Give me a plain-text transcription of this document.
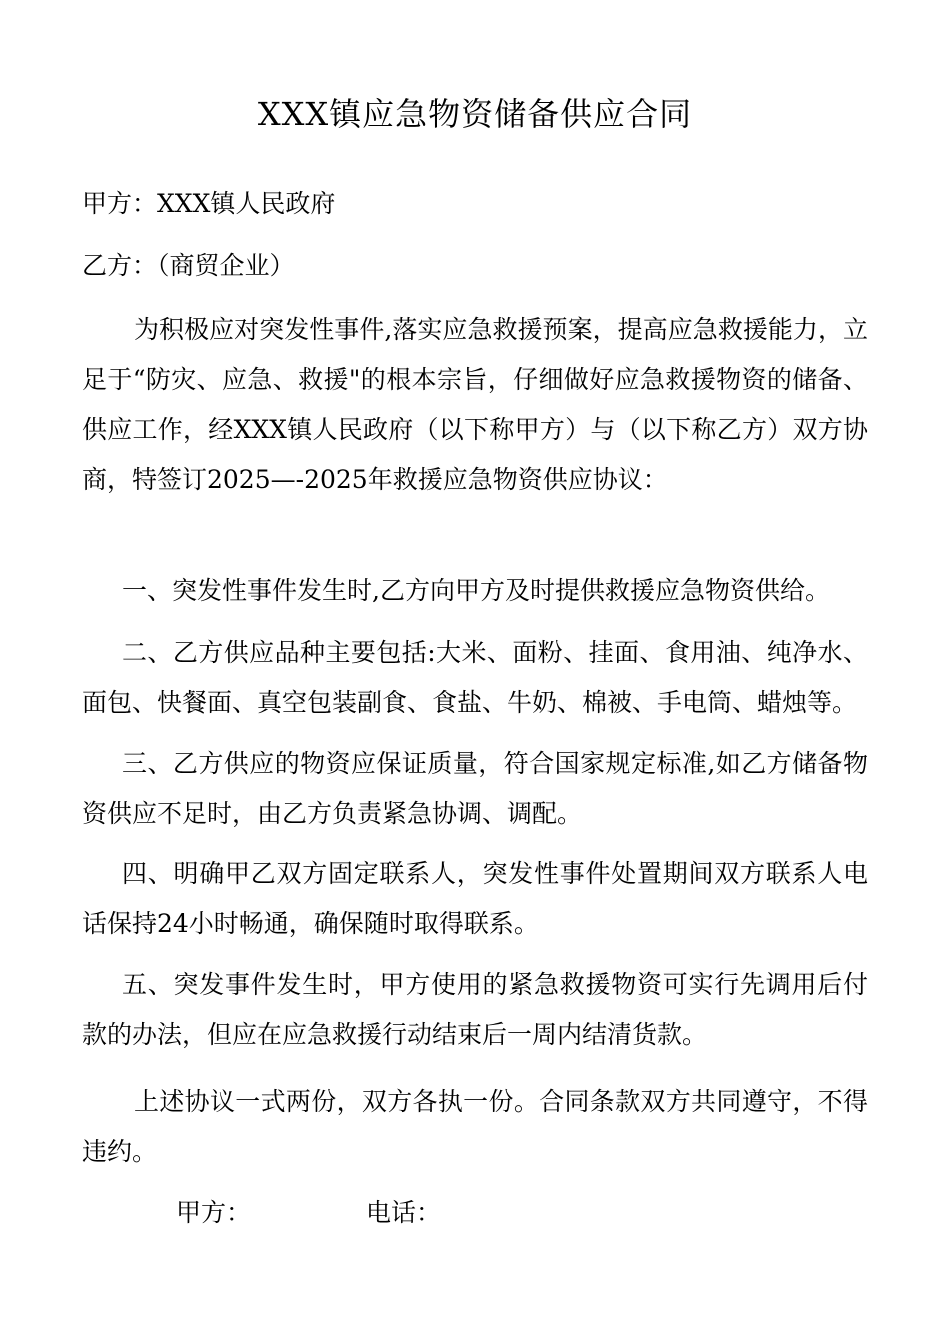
XXX镇应急物资储备供应合同
甲方：XXX镇人民政府
乙方：（商贸企业）
为积极应对突发性事件,落实应急救援预案，提高应急救援能力，立足于“防灾、应急、救援"的根本宗旨，仔细做好应急救援物资的储备、供应工作，经XXX镇人民政府（以下称甲方）与（以下称乙方）双方协商，特签订2025—-2025年救援应急物资供应协议：
一、突发性事件发生时,乙方向甲方及时提供救援应急物资供给。
二、乙方供应品种主要包括:大米、面粉、挂面、食用油、纯净水、面包、快餐面、真空包装副食、食盐、牛奶、棉被、手电筒、蜡烛等。
三、乙方供应的物资应保证质量，符合国家规定标准,如乙方储备物资供应不足时，由乙方负责紧急协调、调配。
四、明确甲乙双方固定联系人，突发性事件处置期间双方联系人电话保持24小时畅通，确保随时取得联系。
五、突发事件发生时，甲方使用的紧急救援物资可实行先调用后付款的办法，但应在应急救援行动结束后一周内结清货款。
上述协议一式两份，双方各执一份。合同条款双方共同遵守，不得违约。
甲方：	电话：
